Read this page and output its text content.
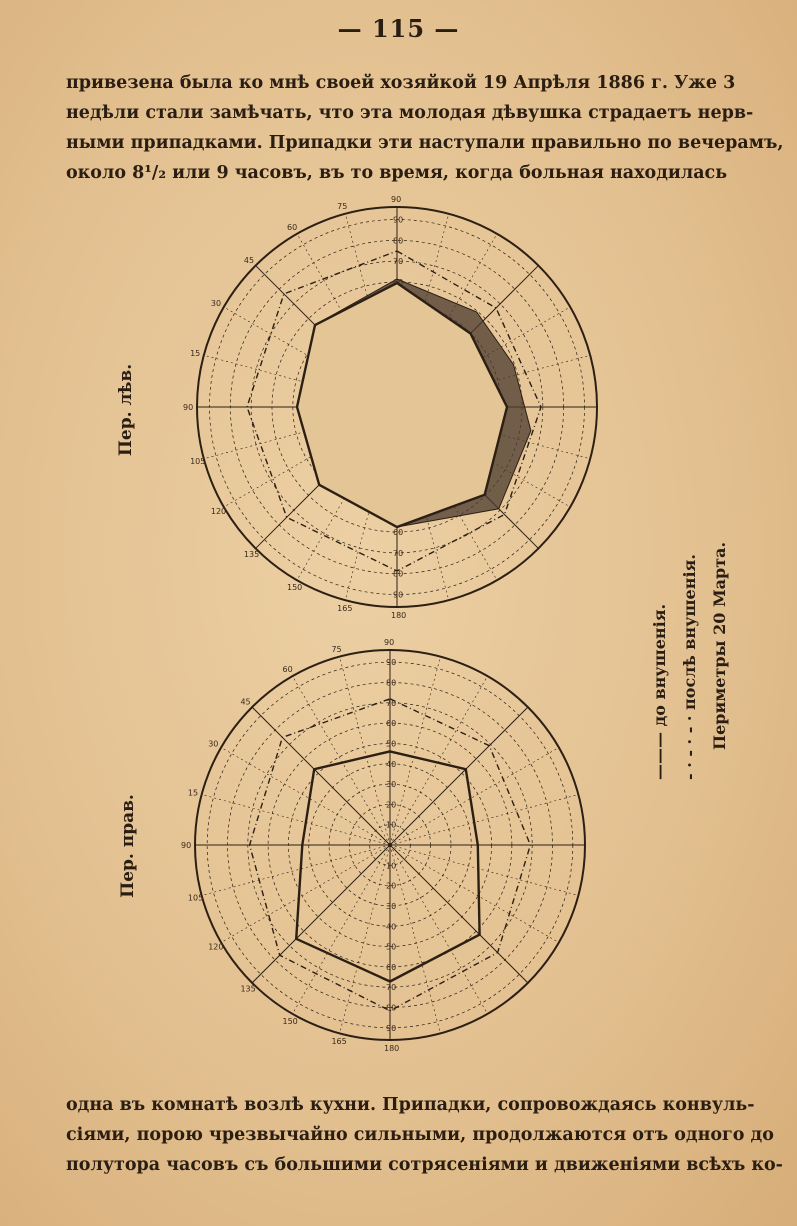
— 115 —
привезена была ко мнѣ своей хозяйкой 19 Апрѣля 1886 г. Уже 3
недѣли стали замѣчать, что эта молодая дѣвушка страдаетъ нерв-
ными припадками. Припадки эти наступали правильно по вечерамъ,
около 8¹/₂ или 9 часовъ, въ то время, когда больная находилась
60
70
70
80
80
90
90
90
75
60
45
30
15
90
105
120
135
150
165
180
10
10
20
20
30
30
40
40
50
50
60
60
70
70
80
80
90
90
90
75
60
45
30
15
90
105
120
135
150
165
180
Пер. лѣв.
Пер. прав.
——— до внушенія.
- · - · - · послѣ внушенія. Периметры 20 Марта.
одна въ комнатѣ возлѣ кухни. Припадки, сопровождаясь конвуль-
сіями, порою чрезвычайно сильными, продолжаются отъ одного до
полутора часовъ съ большими сотрясеніями и движеніями всѣхъ ко-
